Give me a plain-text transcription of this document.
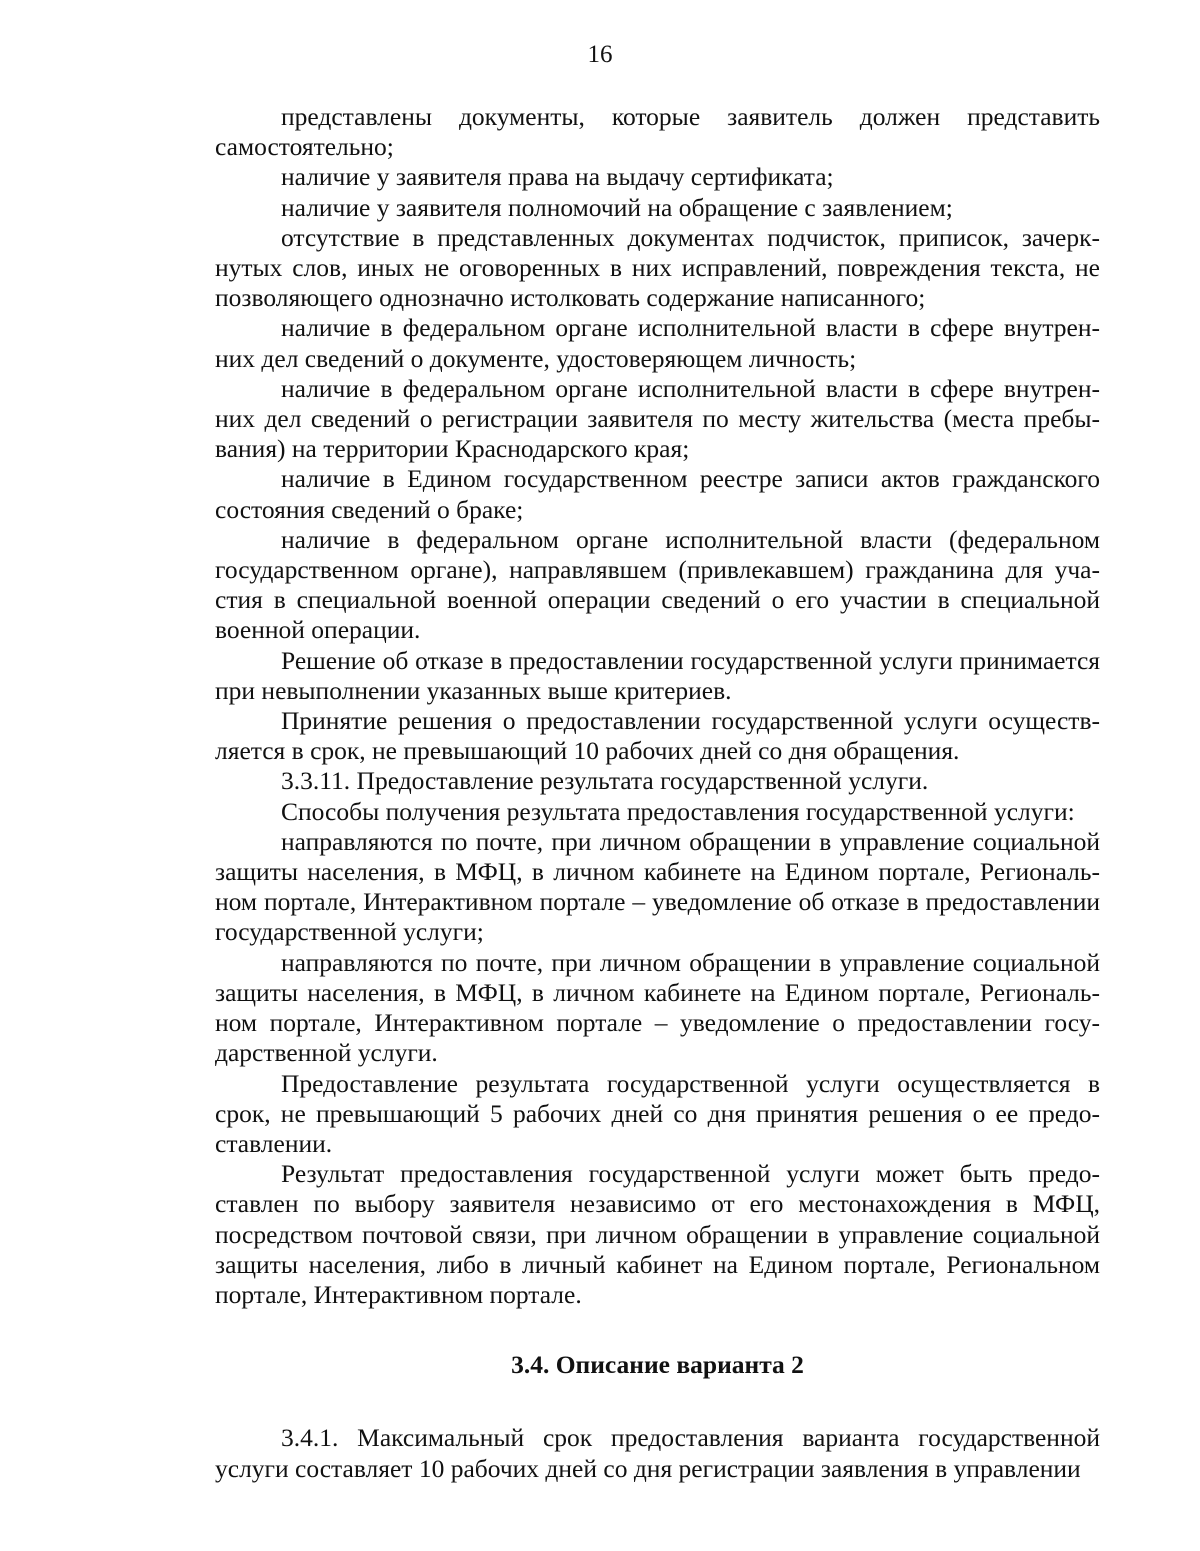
16

представлены документы, которые заявитель должен представить самостоятельно;

наличие у заявителя права на выдачу сертификата;

наличие у заявителя полномочий на обращение с заявлением;

отсутствие в представленных документах подчисток, приписок, зачеркнутых слов, иных не оговоренных в них исправлений, повреждения текста, не позволяющего однозначно истолковать содержание написанного;

наличие в федеральном органе исполнительной власти в сфере внутренних дел сведений о документе, удостоверяющем личность;

наличие в федеральном органе исполнительной власти в сфере внутренних дел сведений о регистрации заявителя по месту жительства (места пребывания) на территории Краснодарского края;

наличие в Едином государственном реестре записи актов гражданского состояния сведений о браке;

наличие в федеральном органе исполнительной власти (федеральном государственном органе), направлявшем (привлекавшем) гражданина для участия в специальной военной операции сведений о его участии в специальной военной операции.

Решение об отказе в предоставлении государственной услуги принимается при невыполнении указанных выше критериев.

Принятие решения о предоставлении государственной услуги осуществляется в срок, не превышающий 10 рабочих дней со дня обращения.

3.3.11. Предоставление результата государственной услуги.

Способы получения результата предоставления государственной услуги:

направляются по почте, при личном обращении в управление социальной защиты населения, в МФЦ, в личном кабинете на Едином портале, Региональном портале, Интерактивном портале – уведомление об отказе в предоставлении государственной услуги;

направляются по почте, при личном обращении в управление социальной защиты населения, в МФЦ, в личном кабинете на Едином портале, Региональном портале, Интерактивном портале – уведомление о предоставлении государственной услуги.

Предоставление результата государственной услуги осуществляется в срок, не превышающий 5 рабочих дней со дня принятия решения о ее предоставлении.

Результат предоставления государственной услуги может быть предоставлен по выбору заявителя независимо от его местонахождения в МФЦ, посредством почтовой связи, при личном обращении в управление социальной защиты населения, либо в личный кабинет на Едином портале, Региональном портале, Интерактивном портале.

3.4. Описание варианта 2

3.4.1. Максимальный срок предоставления варианта государственной услуги составляет 10 рабочих дней со дня регистрации заявления в управлении
